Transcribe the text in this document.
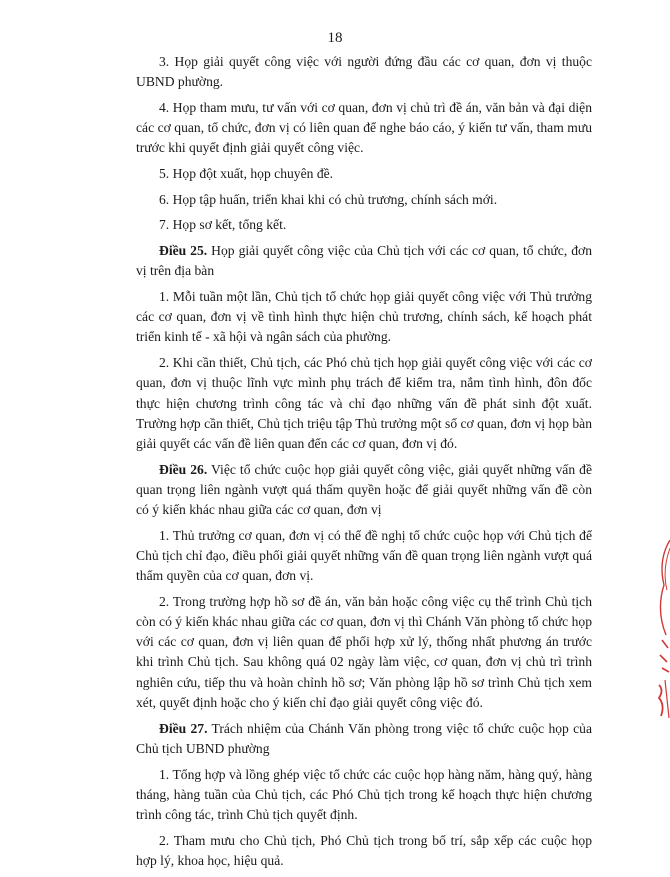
18

3. Họp giải quyết công việc với người đứng đầu các cơ quan, đơn vị thuộc UBND phường.

4. Họp tham mưu, tư vấn với cơ quan, đơn vị chủ trì đề án, văn bản và đại diện các cơ quan, tổ chức, đơn vị có liên quan để nghe báo cáo, ý kiến tư vấn, tham mưu trước khi quyết định giải quyết công việc.

5. Họp đột xuất, họp chuyên đề.

6. Họp tập huấn, triển khai khi có chủ trương, chính sách mới.

7. Họp sơ kết, tổng kết.

Điều 25. Họp giải quyết công việc của Chủ tịch với các cơ quan, tổ chức, đơn vị trên địa bàn

1. Mỗi tuần một lần, Chủ tịch tổ chức họp giải quyết công việc với Thủ trưởng các cơ quan, đơn vị về tình hình thực hiện chủ trương, chính sách, kế hoạch phát triển kinh tế - xã hội và ngân sách của phường.

2. Khi cần thiết, Chủ tịch, các Phó chủ tịch họp giải quyết công việc với các cơ quan, đơn vị thuộc lĩnh vực mình phụ trách để kiểm tra, nắm tình hình, đôn đốc thực hiện chương trình công tác và chỉ đạo những vấn đề phát sinh đột xuất. Trường hợp cần thiết, Chủ tịch triệu tập Thủ trưởng một số cơ quan, đơn vị họp bàn giải quyết các vấn đề liên quan đến các cơ quan, đơn vị đó.

Điều 26. Việc tổ chức cuộc họp giải quyết công việc, giải quyết những vấn đề quan trọng liên ngành vượt quá thẩm quyền hoặc để giải quyết những vấn đề còn có ý kiến khác nhau giữa các cơ quan, đơn vị

1. Thủ trưởng cơ quan, đơn vị có thể đề nghị tổ chức cuộc họp với Chủ tịch để Chủ tịch chỉ đạo, điều phối giải quyết những vấn đề quan trọng liên ngành vượt quá thẩm quyền của cơ quan, đơn vị.

2. Trong trường hợp hồ sơ đề án, văn bản hoặc công việc cụ thể trình Chủ tịch còn có ý kiến khác nhau giữa các cơ quan, đơn vị thì Chánh Văn phòng tổ chức họp với các cơ quan, đơn vị liên quan để phối hợp xử lý, thống nhất phương án trước khi trình Chủ tịch. Sau không quá 02 ngày làm việc, cơ quan, đơn vị chủ trì trình nghiên cứu, tiếp thu và hoàn chỉnh hồ sơ; Văn phòng lập hồ sơ trình Chủ tịch xem xét, quyết định hoặc cho ý kiến chỉ đạo giải quyết công việc đó.

Điều 27. Trách nhiệm của Chánh Văn phòng trong việc tổ chức cuộc họp của Chủ tịch UBND phường

1. Tổng hợp và lồng ghép việc tổ chức các cuộc họp hàng năm, hàng quý, hàng tháng, hàng tuần của Chủ tịch, các Phó Chủ tịch trong kế hoạch thực hiện chương trình công tác, trình Chủ tịch quyết định.

2. Tham mưu cho Chủ tịch, Phó Chủ tịch trong bố trí, sắp xếp các cuộc họp hợp lý, khoa học, hiệu quả.
